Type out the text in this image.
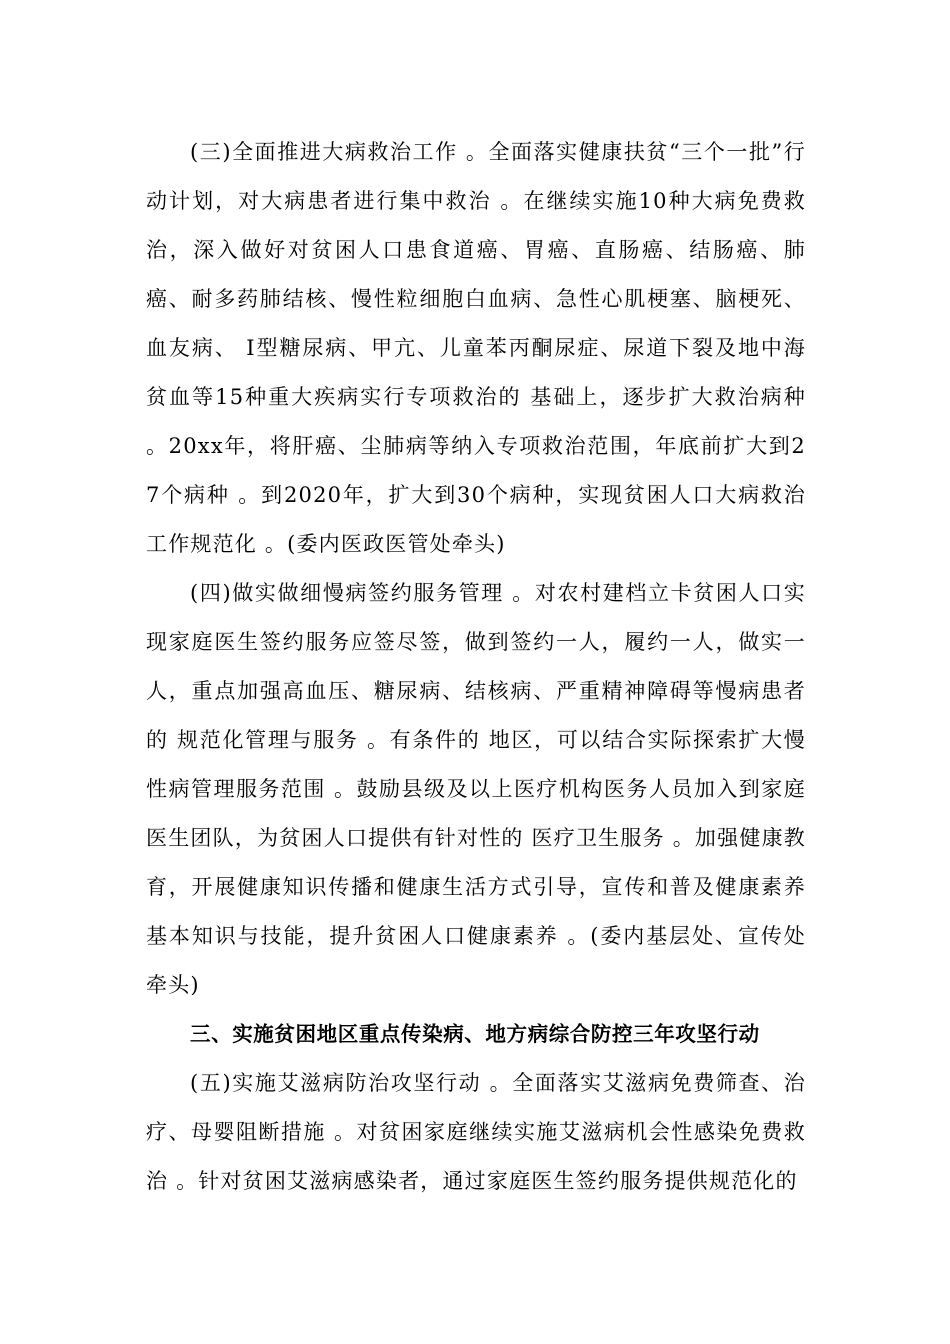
(三)全面推进大病救治工作 。全面落实健康扶贫“三个一批”行动计划，对大病患者进行集中救治 。在继续实施10种大病免费救治，深入做好对贫困人口患食道癌、胃癌、直肠癌、结肠癌、肺癌、耐多药肺结核、慢性粒细胞白血病、急性心肌梗塞、脑梗死、血友病、 I型糖尿病、甲亢、儿童苯丙酮尿症、尿道下裂及地中海贫血等15种重大疾病实行专项救治的 基础上，逐步扩大救治病种 。20xx年，将肝癌、尘肺病等纳入专项救治范围，年底前扩大到27个病种 。到2020年，扩大到30个病种，实现贫困人口大病救治工作规范化 。(委内医政医管处牵头)

(四)做实做细慢病签约服务管理 。对农村建档立卡贫困人口实现家庭医生签约服务应签尽签，做到签约一人，履约一人，做实一人，重点加强高血压、糖尿病、结核病、严重精神障碍等慢病患者的 规范化管理与服务 。有条件的 地区，可以结合实际探索扩大慢性病管理服务范围 。鼓励县级及以上医疗机构医务人员加入到家庭医生团队，为贫困人口提供有针对性的 医疗卫生服务 。加强健康教育，开展健康知识传播和健康生活方式引导，宣传和普及健康素养基本知识与技能，提升贫困人口健康素养 。(委内基层处、宣传处牵头)

三、实施贫困地区重点传染病、地方病综合防控三年攻坚行动

(五)实施艾滋病防治攻坚行动 。全面落实艾滋病免费筛查、治疗、母婴阻断措施 。对贫困家庭继续实施艾滋病机会性感染免费救治 。针对贫困艾滋病感染者，通过家庭医生签约服务提供规范化的
